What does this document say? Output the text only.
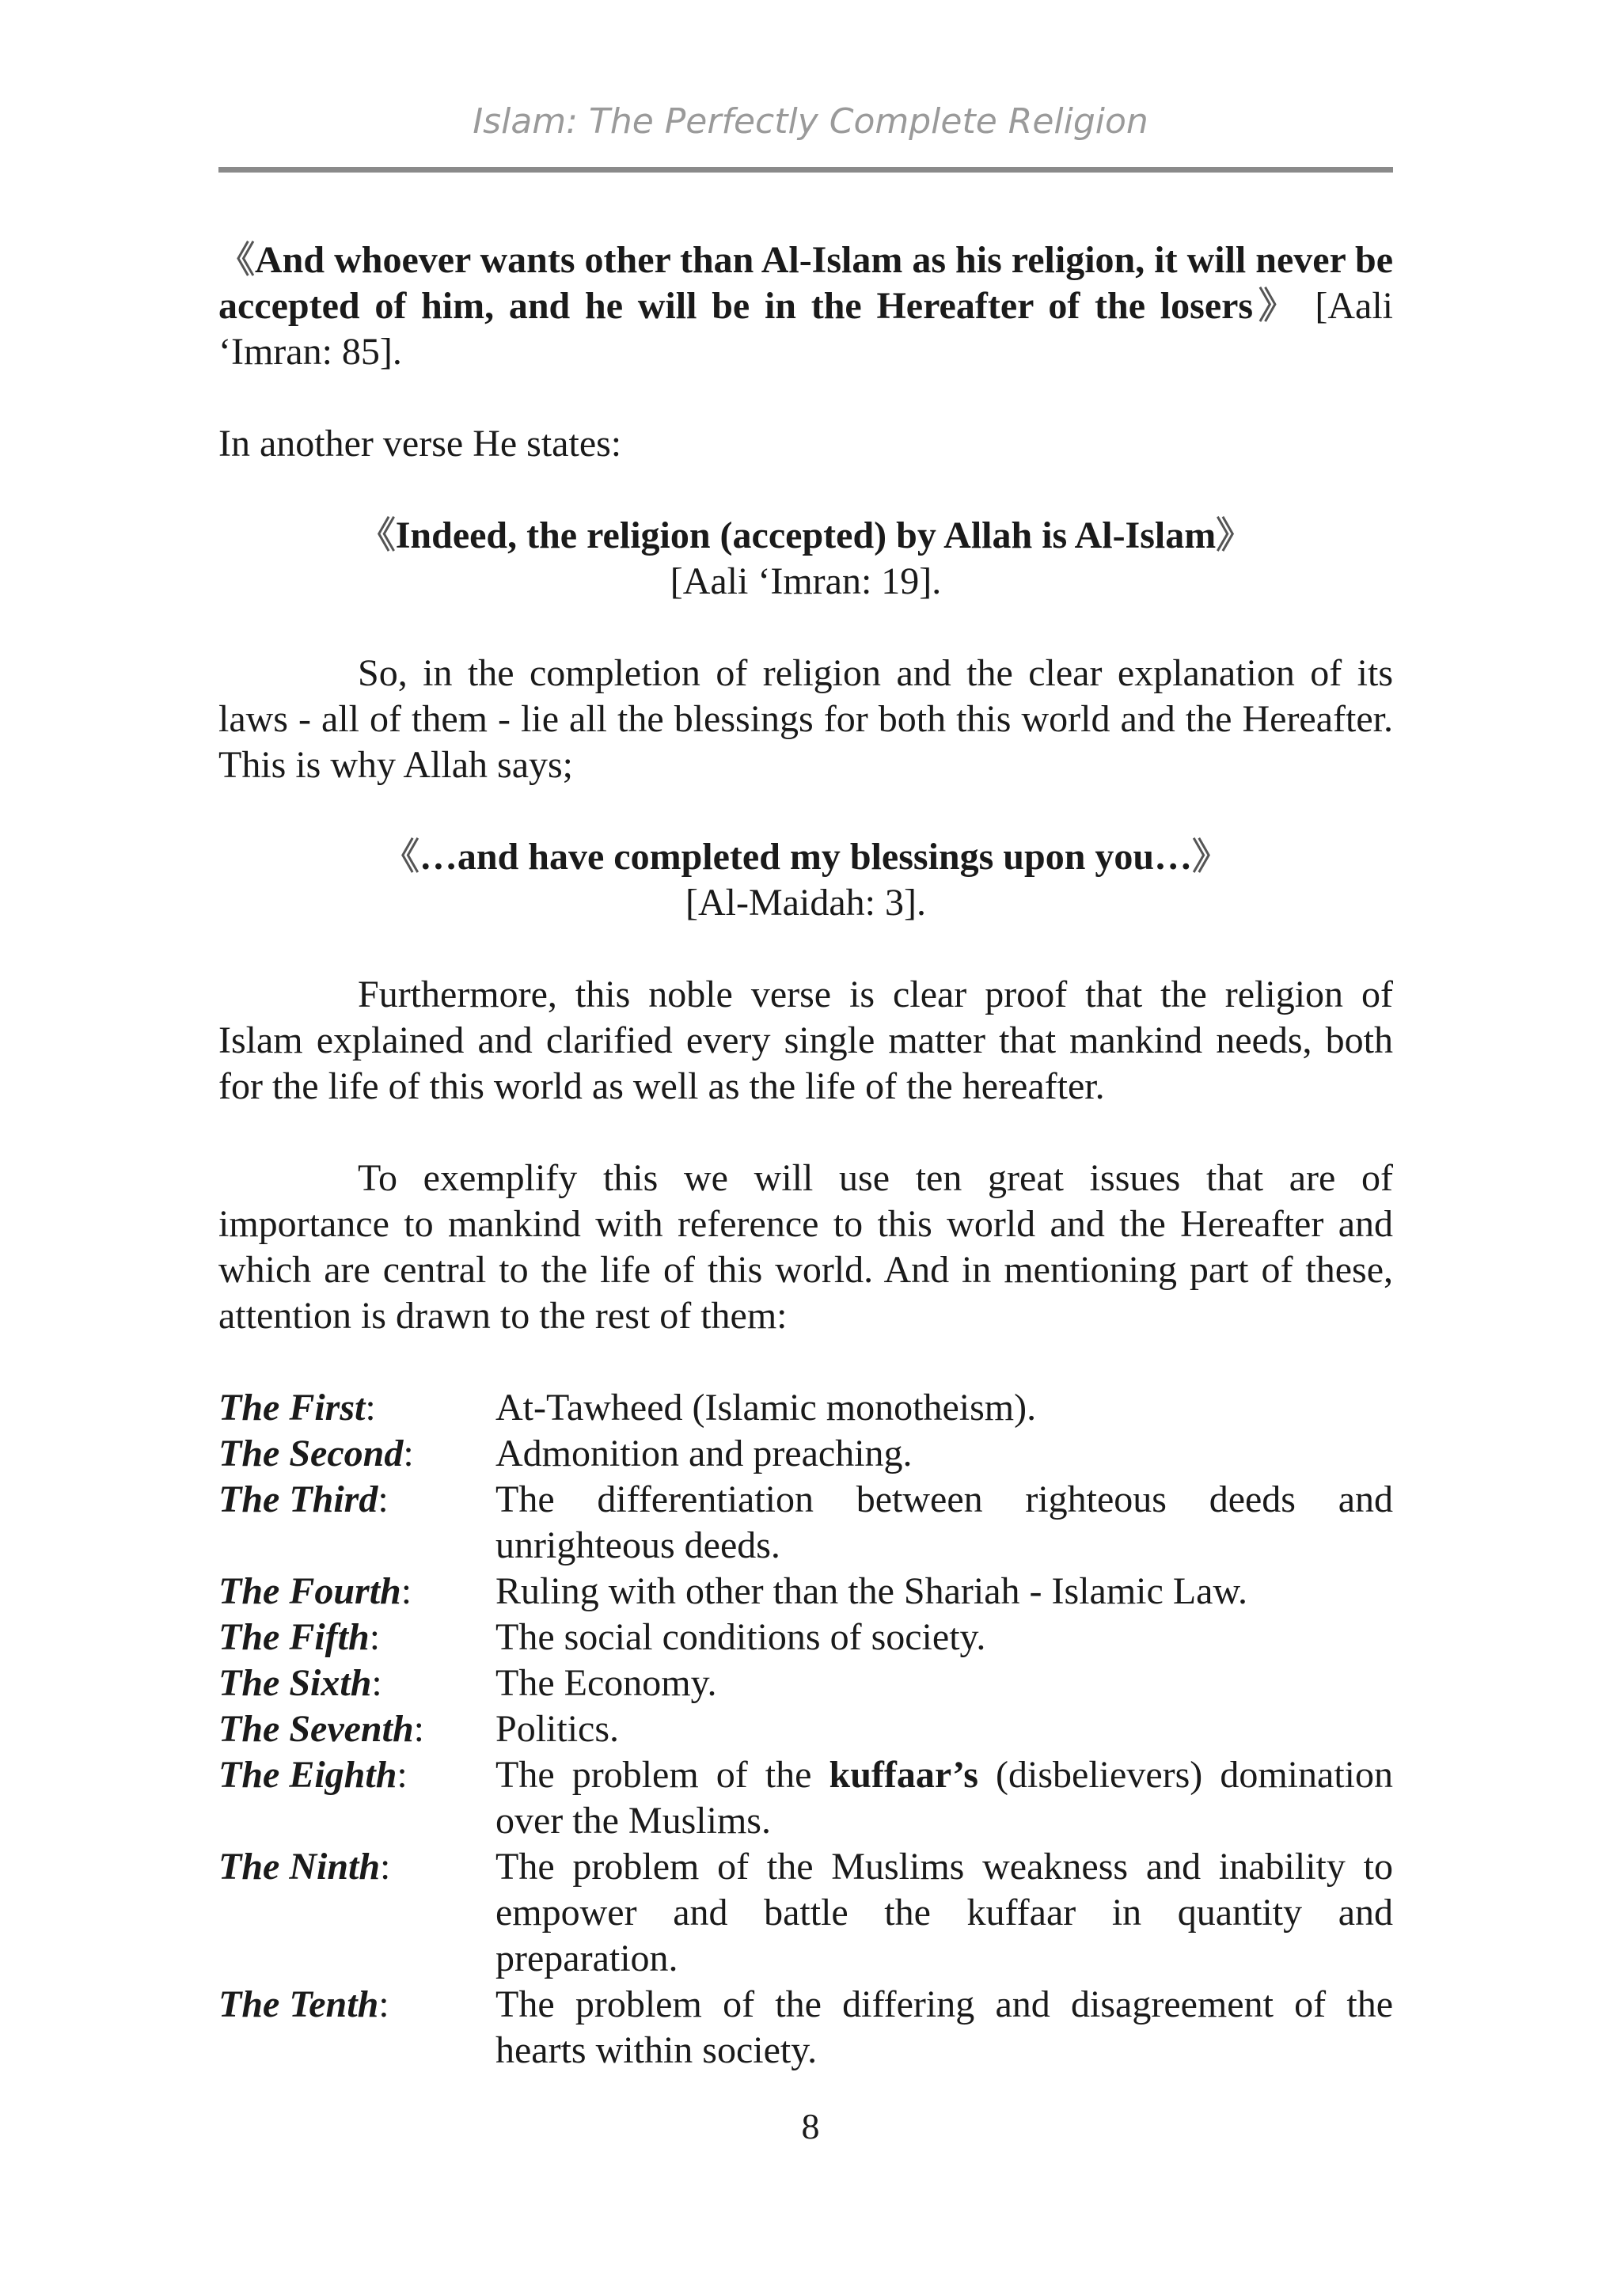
Islam: The Perfectly Complete Religion

《And whoever wants other than Al-Islam as his religion, it will never be accepted of him, and he will be in the Hereafter of the losers》 [Aali ‘Imran: 85].

In another verse He states:

《Indeed, the religion (accepted) by Allah is Al-Islam》
[Aali ‘Imran: 19].

So, in the completion of religion and the clear explanation of its laws - all of them - lie all the blessings for both this world and the Hereafter. This is why Allah says;

《…and have completed my blessings upon you…》
[Al-Maidah: 3].

Furthermore, this noble verse is clear proof that the religion of Islam explained and clarified every single matter that mankind needs, both for the life of this world as well as the life of the hereafter.

To exemplify this we will use ten great issues that are of importance to mankind with reference to this world and the Hereafter and which are central to the life of this world. And in mentioning part of these, attention is drawn to the rest of them:

The First:	At-Tawheed (Islamic monotheism).
The Second:	Admonition and preaching.
The Third:	The differentiation between righteous deeds and unrighteous deeds.
The Fourth:	Ruling with other than the Shariah - Islamic Law.
The Fifth:	The social conditions of society.
The Sixth:	The Economy.
The Seventh:	Politics.
The Eighth:	The problem of the kuffaar’s (disbelievers) domination over the Muslims.
The Ninth:	The problem of the Muslims weakness and inability to empower and battle the kuffaar in quantity and preparation.
The Tenth:	The problem of the differing and disagreement of the hearts within society.
8
